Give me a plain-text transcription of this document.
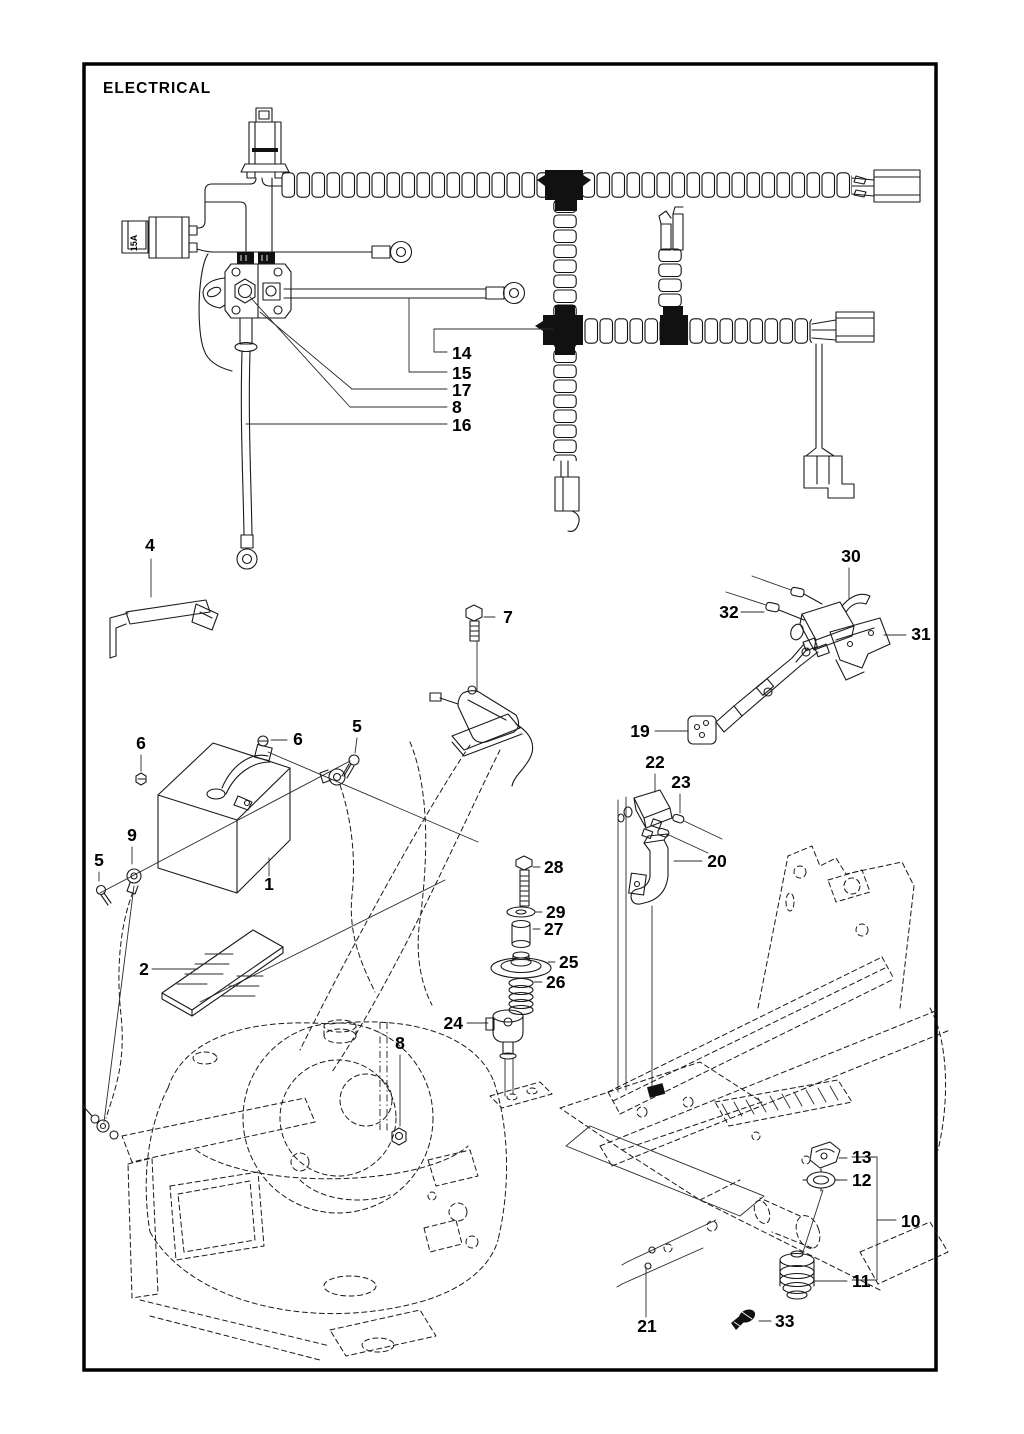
15A
ELECTRICAL
14
15
17
8
16
4
7
30
32
31
19
6	6
5
22
23
20
9
5
1
28
29
27
2	25
26
24
8
13
12
10
11
21	33
